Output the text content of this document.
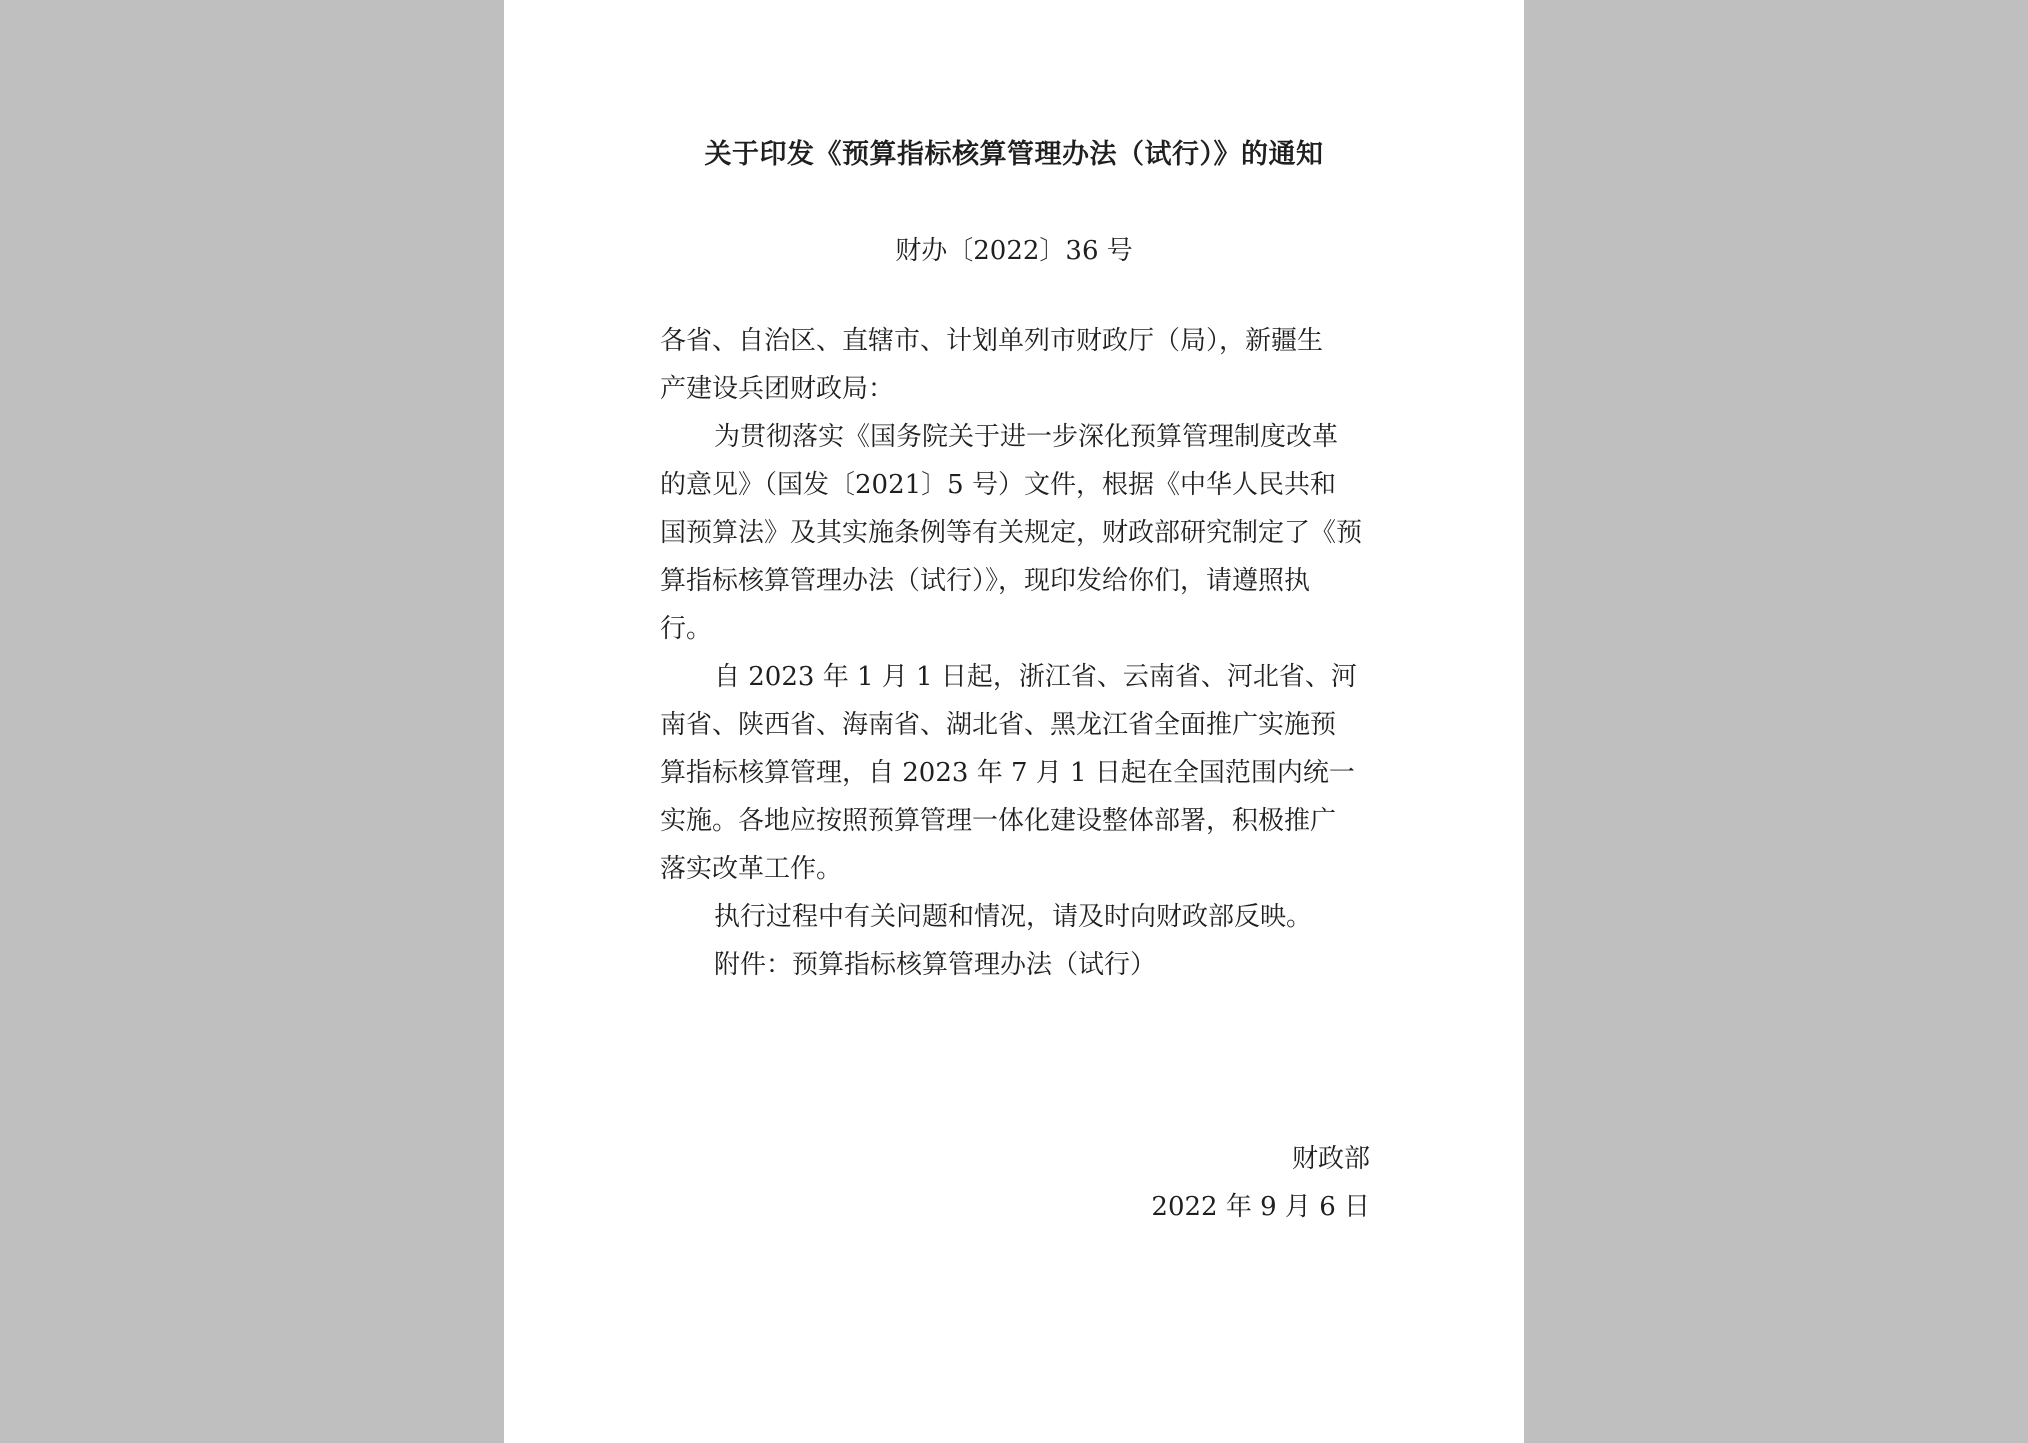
关于印发《预算指标核算管理办法（试行）》的通知
财办〔2022〕36 号
各省、自治区、直辖市、计划单列市财政厅（局），新疆生
产建设兵团财政局：
为贯彻落实《国务院关于进一步深化预算管理制度改革
的意见》（国发〔2021〕5 号）文件，根据《中华人民共和
国预算法》及其实施条例等有关规定，财政部研究制定了《预
算指标核算管理办法（试行）》，现印发给你们，请遵照执
行。
自 2023 年 1 月 1 日起，浙江省、云南省、河北省、河
南省、陕西省、海南省、湖北省、黑龙江省全面推广实施预
算指标核算管理，自 2023 年 7 月 1 日起在全国范围内统一
实施。各地应按照预算管理一体化建设整体部署，积极推广
落实改革工作。
执行过程中有关问题和情况，请及时向财政部反映。
附件：预算指标核算管理办法（试行）
财政部
2022 年 9 月 6 日
